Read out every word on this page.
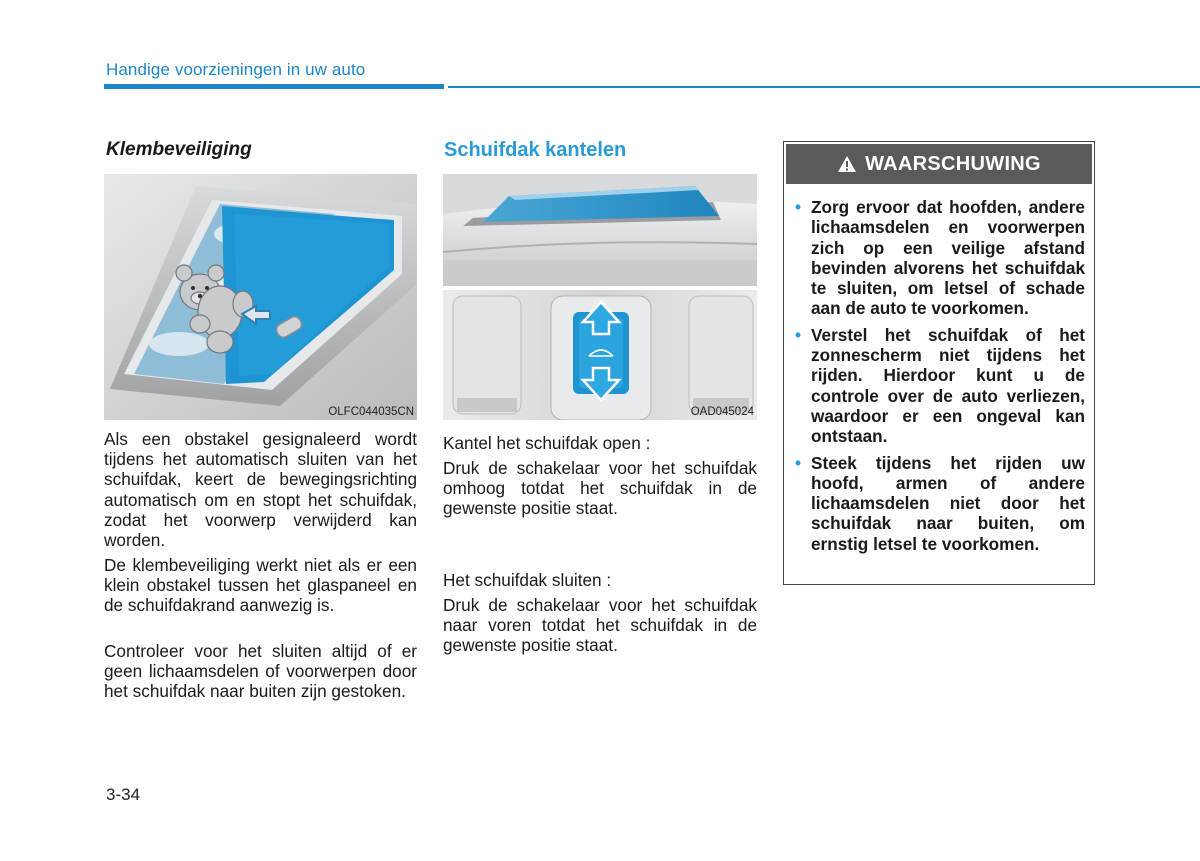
Handige voorzieningen in uw auto
Klembeveiliging
OLFC044035CN

Als een obstakel gesignaleerd wordt tijdens het automatisch sluiten van het schuifdak, keert de bewegingsrichting automatisch om en stopt het schuifdak, zodat het voorwerp verwijderd kan worden.

De klembeveiliging werkt niet als er een klein obstakel tussen het glaspaneel en de schuifdakrand aanwezig is.

Controleer voor het sluiten altijd of er geen lichaamsdelen of voorwerpen door het schuifdak naar buiten zijn gestoken.

Schuifdak kantelen
OAD045024

Kantel het schuifdak open :

Druk de schakelaar voor het schuifdak omhoog totdat het schuifdak in de gewenste positie staat.

Het schuifdak sluiten :

Druk de schakelaar voor het schuifdak naar voren totdat het schuifdak in de gewenste positie staat.

WAARSCHUWING
• Zorg ervoor dat hoofden, andere lichaamsdelen en voorwerpen zich op een veilige afstand bevinden alvorens het schuifdak te sluiten, om letsel of schade aan de auto te voorkomen.
• Verstel het schuifdak of het zonnescherm niet tijdens het rijden. Hierdoor kunt u de controle over de auto verliezen, waardoor er een ongeval kan ontstaan.
• Steek tijdens het rijden uw hoofd, armen of andere lichaamsdelen niet door het schuifdak naar buiten, om ernstig letsel te voorkomen.
3-34
